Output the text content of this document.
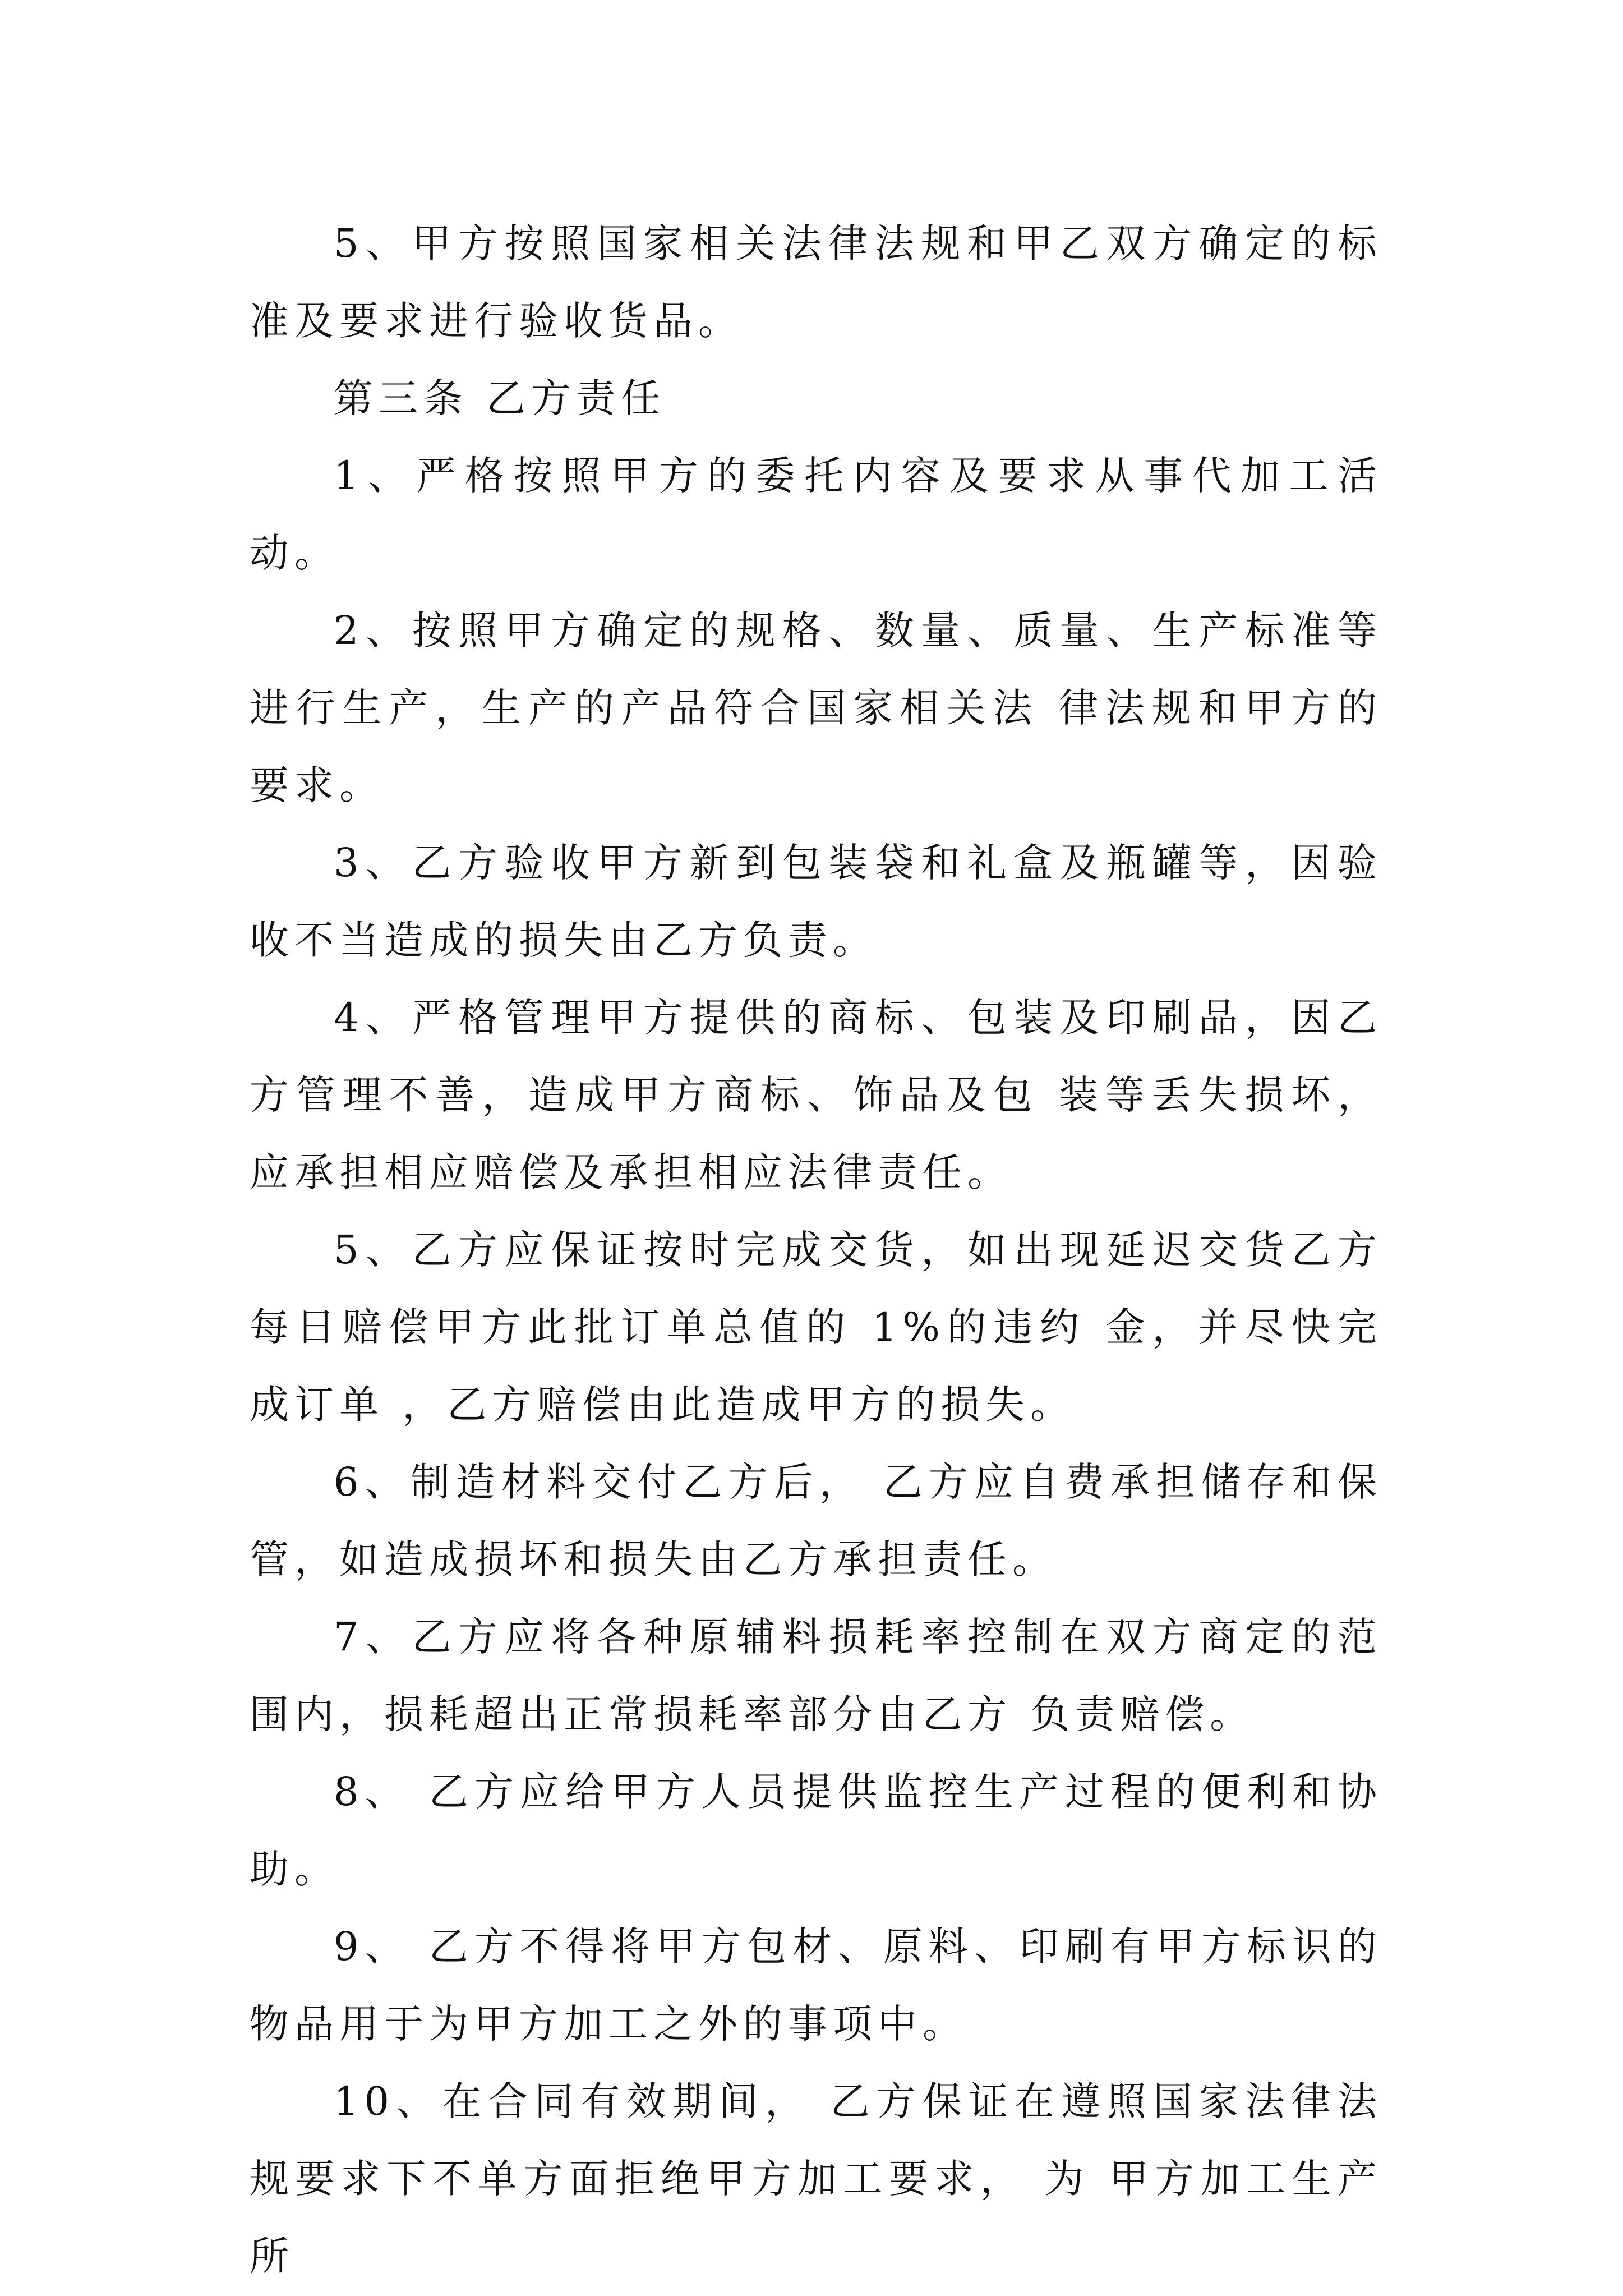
5、甲方按照国家相关法律法规和甲乙双方确定的标准及要求进行验收货品。

第三条 乙方责任

1、严格按照甲方的委托内容及要求从事代加工活动。

2、按照甲方确定的规格、数量、质量、生产标准等进行生产，生产的产品符合国家相关法 律法规和甲方的要求。

3、乙方验收甲方新到包装袋和礼盒及瓶罐等，因验收不当造成的损失由乙方负责。

4、严格管理甲方提供的商标、包装及印刷品，因乙方管理不善，造成甲方商标、饰品及包 装等丢失损坏，应承担相应赔偿及承担相应法律责任。

5、乙方应保证按时完成交货，如出现延迟交货乙方每日赔偿甲方此批订单总值的 1%的违约 金，并尽快完成订单 ，乙方赔偿由此造成甲方的损失。

6、制造材料交付乙方后， 乙方应自费承担储存和保管，如造成损坏和损失由乙方承担责任。

7、乙方应将各种原辅料损耗率控制在双方商定的范围内，损耗超出正常损耗率部分由乙方 负责赔偿。

8、 乙方应给甲方人员提供监控生产过程的便利和协助。

9、 乙方不得将甲方包材、原料、印刷有甲方标识的物品用于为甲方加工之外的事项中。

10、在合同有效期间， 乙方保证在遵照国家法律法规要求下不单方面拒绝甲方加工要求， 为 甲方加工生产所
